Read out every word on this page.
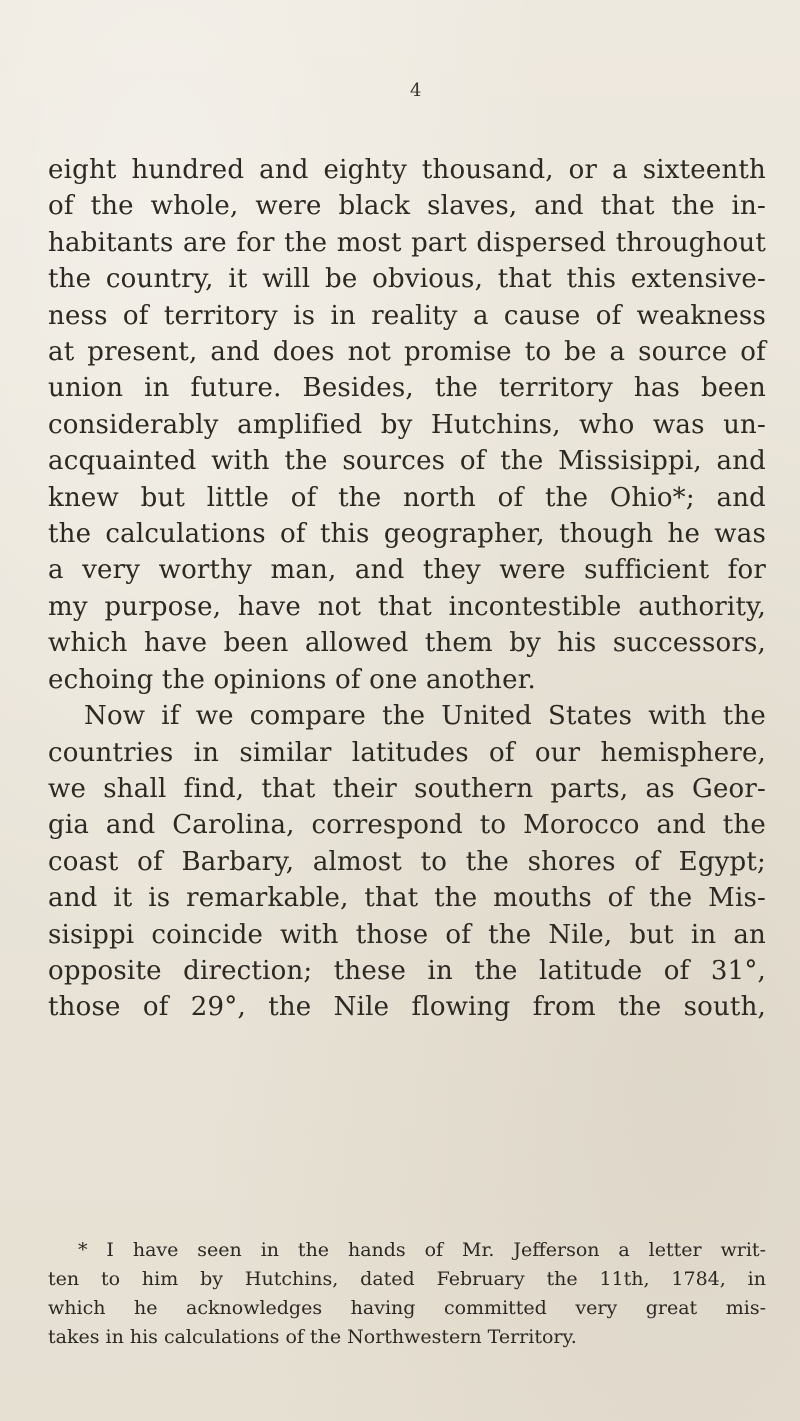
4
eight hundred and eighty thousand, or a sixteenth
of the whole, were black slaves, and that the in-
habitants are for the most part dispersed throughout
the country, it will be obvious, that this extensive-
ness of territory is in reality a cause of weakness
at present, and does not promise to be a source of
union in future. Besides, the territory has been
considerably amplified by Hutchins, who was un-
acquainted with the sources of the Missisippi, and
knew but little of the north of the Ohio*; and
the calculations of this geographer, though he was
a very worthy man, and they were sufficient for
my purpose, have not that incontestible authority,
which have been allowed them by his successors,
echoing the opinions of one another.
Now if we compare the United States with the
countries in similar latitudes of our hemisphere,
we shall find, that their southern parts, as Geor-
gia and Carolina, correspond to Morocco and the
coast of Barbary, almost to the shores of Egypt;
and it is remarkable, that the mouths of the Mis-
sisippi coincide with those of the Nile, but in an
opposite direction; these in the latitude of 31°,
those of 29°, the Nile flowing from the south,
* I have seen in the hands of Mr. Jefferson a letter writ-
ten to him by Hutchins, dated February the 11th, 1784, in
which he acknowledges having committed very great mis-
takes in his calculations of the Northwestern Territory.
